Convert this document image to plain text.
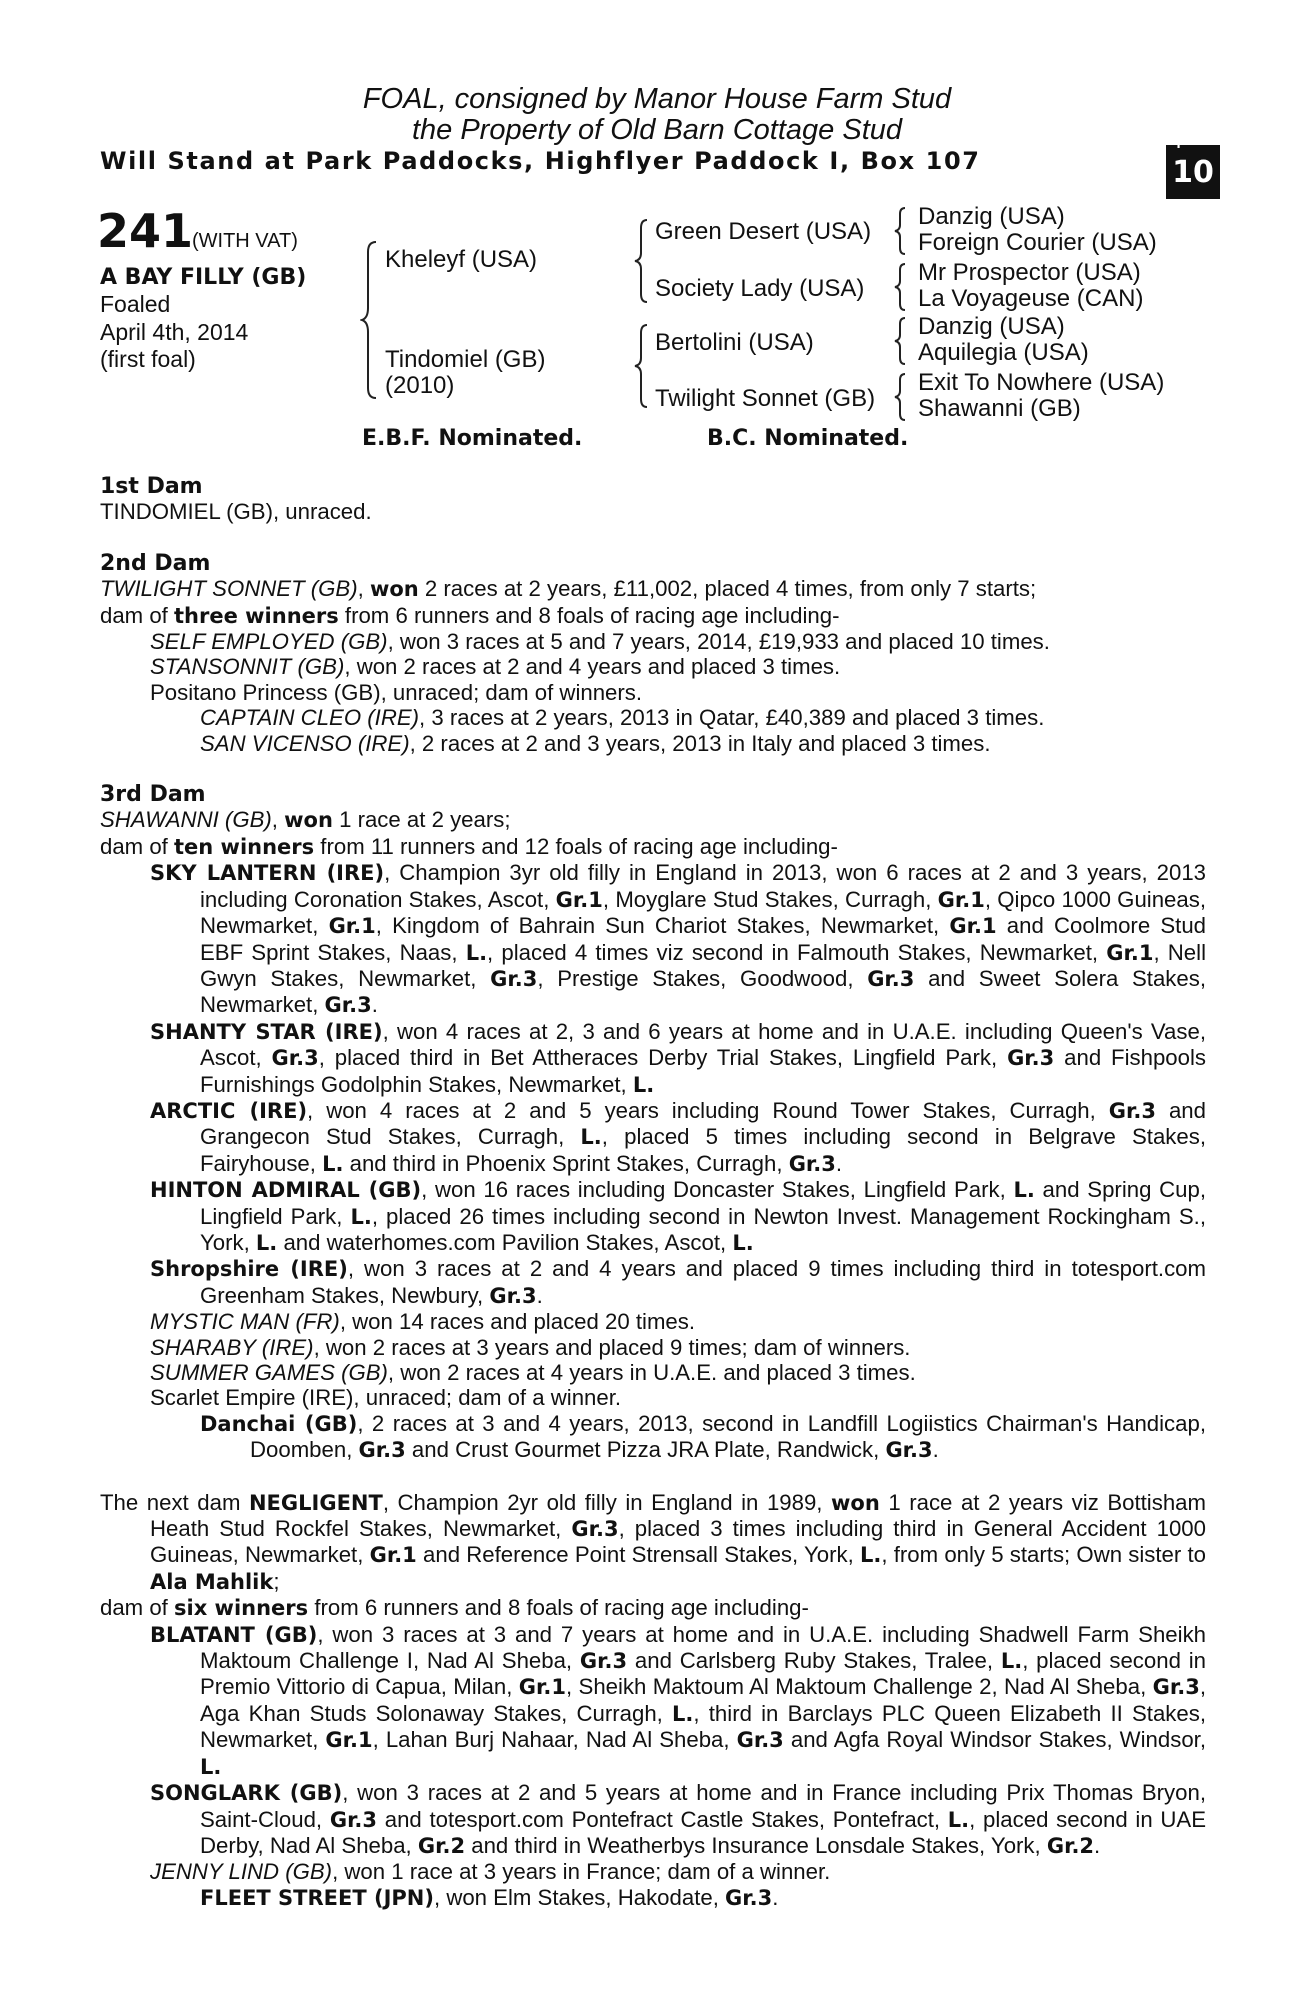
FOAL, consigned by Manor House Farm Stud
the Property of Old Barn Cottage Stud
Will Stand at Park Paddocks, Highflyer Paddock I, Box 107
+
10
241
(WITH VAT)
A BAY FILLY (GB)
Foaled
April 4th, 2014
(first foal)
Kheleyf (USA)
Tindomiel (GB)
(2010)
Green Desert (USA)
Society Lady (USA)
Bertolini (USA)
Twilight Sonnet (GB)
Danzig (USA)
Foreign Courier (USA)
Mr Prospector (USA)
La Voyageuse (CAN)
Danzig (USA)
Aquilegia (USA)
Exit To Nowhere (USA)
Shawanni (GB)
E.B.F. Nominated.	B.C. Nominated.

1st Dam

TINDOMIEL (GB), unraced.

2nd Dam

TWILIGHT SONNET (GB), won 2 races at 2 years, £11,002, placed 4 times, from only 7 starts;

dam of three winners from 6 runners and 8 foals of racing age including-

SELF EMPLOYED (GB), won 3 races at 5 and 7 years, 2014, £19,933 and placed 10 times.

STANSONNIT (GB), won 2 races at 2 and 4 years and placed 3 times.

Positano Princess (GB), unraced; dam of winners.

CAPTAIN CLEO (IRE), 3 races at 2 years, 2013 in Qatar, £40,389 and placed 3 times.

SAN VICENSO (IRE), 2 races at 2 and 3 years, 2013 in Italy and placed 3 times.

3rd Dam

SHAWANNI (GB), won 1 race at 2 years;

dam of ten winners from 11 runners and 12 foals of racing age including-

SKY LANTERN (IRE), Champion 3yr old filly in England in 2013, won 6 races at 2 and 3 years, 2013 including Coronation Stakes, Ascot, Gr.1, Moyglare Stud Stakes, Curragh, Gr.1, Qipco 1000 Guineas, Newmarket, Gr.1, Kingdom of Bahrain Sun Chariot Stakes, Newmarket, Gr.1 and Coolmore Stud EBF Sprint Stakes, Naas, L., placed 4 times viz second in Falmouth Stakes, Newmarket, Gr.1, Nell Gwyn Stakes, Newmarket, Gr.3, Prestige Stakes, Goodwood, Gr.3 and Sweet Solera Stakes, Newmarket, Gr.3.

SHANTY STAR (IRE), won 4 races at 2, 3 and 6 years at home and in U.A.E. including Queen's Vase, Ascot, Gr.3, placed third in Bet Attheraces Derby Trial Stakes, Lingfield Park, Gr.3 and Fishpools Furnishings Godolphin Stakes, Newmarket, L.

ARCTIC (IRE), won 4 races at 2 and 5 years including Round Tower Stakes, Curragh, Gr.3 and Grangecon Stud Stakes, Curragh, L., placed 5 times including second in Belgrave Stakes, Fairyhouse, L. and third in Phoenix Sprint Stakes, Curragh, Gr.3.

HINTON ADMIRAL (GB), won 16 races including Doncaster Stakes, Lingfield Park, L. and Spring Cup, Lingfield Park, L., placed 26 times including second in Newton Invest. Management Rockingham S., York, L. and waterhomes.com Pavilion Stakes, Ascot, L.

Shropshire (IRE), won 3 races at 2 and 4 years and placed 9 times including third in totesport.com Greenham Stakes, Newbury, Gr.3.

MYSTIC MAN (FR), won 14 races and placed 20 times.

SHARABY (IRE), won 2 races at 3 years and placed 9 times; dam of winners.

SUMMER GAMES (GB), won 2 races at 4 years in U.A.E. and placed 3 times.

Scarlet Empire (IRE), unraced; dam of a winner.

Danchai (GB), 2 races at 3 and 4 years, 2013, second in Landfill Logiistics Chairman's Handicap, Doomben, Gr.3 and Crust Gourmet Pizza JRA Plate, Randwick, Gr.3.

The next dam NEGLIGENT, Champion 2yr old filly in England in 1989, won 1 race at 2 years viz Bottisham Heath Stud Rockfel Stakes, Newmarket, Gr.3, placed 3 times including third in General Accident 1000 Guineas, Newmarket, Gr.1 and Reference Point Strensall Stakes, York, L., from only 5 starts; Own sister to Ala Mahlik;

dam of six winners from 6 runners and 8 foals of racing age including-

BLATANT (GB), won 3 races at 3 and 7 years at home and in U.A.E. including Shadwell Farm Sheikh Maktoum Challenge I, Nad Al Sheba, Gr.3 and Carlsberg Ruby Stakes, Tralee, L., placed second in Premio Vittorio di Capua, Milan, Gr.1, Sheikh Maktoum Al Maktoum Challenge 2, Nad Al Sheba, Gr.3, Aga Khan Studs Solonaway Stakes, Curragh, L., third in Barclays PLC Queen Elizabeth II Stakes, Newmarket, Gr.1, Lahan Burj Nahaar, Nad Al Sheba, Gr.3 and Agfa Royal Windsor Stakes, Windsor, L.

SONGLARK (GB), won 3 races at 2 and 5 years at home and in France including Prix Thomas Bryon, Saint-Cloud, Gr.3 and totesport.com Pontefract Castle Stakes, Pontefract, L., placed second in UAE Derby, Nad Al Sheba, Gr.2 and third in Weatherbys Insurance Lonsdale Stakes, York, Gr.2.

JENNY LIND (GB), won 1 race at 3 years in France; dam of a winner.

FLEET STREET (JPN), won Elm Stakes, Hakodate, Gr.3.
